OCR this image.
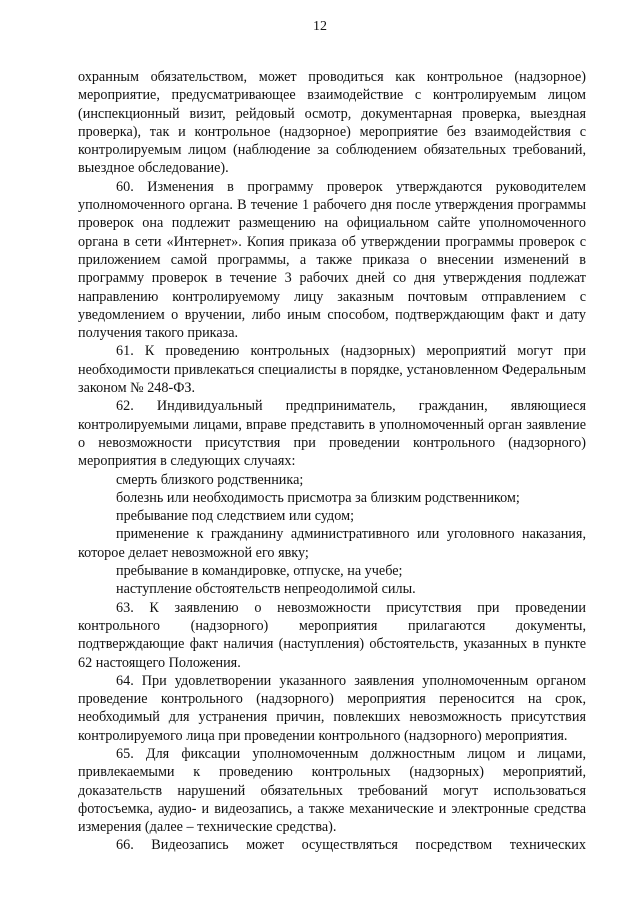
12

охранным обязательством, может проводиться как контрольное (надзорное) мероприятие, предусматривающее взаимодействие с контролируемым лицом (инспекционный визит, рейдовый осмотр, документарная проверка, выездная проверка), так и контрольное (надзорное) мероприятие без взаимодействия с контролируемым лицом (наблюдение за соблюдением обязательных требований, выездное обследование).

60. Изменения в программу проверок утверждаются руководителем уполномоченного органа. В течение 1 рабочего дня после утверждения программы проверок она подлежит размещению на официальном сайте уполномоченного органа в сети «Интернет». Копия приказа об утверждении программы проверок с приложением самой программы, а также приказа о внесении изменений в программу проверок в течение 3 рабочих дней со дня утверждения подлежат направлению контролируемому лицу заказным почтовым отправлением с уведомлением о вручении, либо иным способом, подтверждающим факт и дату получения такого приказа.

61. К проведению контрольных (надзорных) мероприятий могут при необходимости привлекаться специалисты в порядке, установленном Федеральным законом № 248-ФЗ.

62. Индивидуальный предприниматель, гражданин, являющиеся контролируемыми лицами, вправе представить в уполномоченный орган заявление о невозможности присутствия при проведении контрольного (надзорного) мероприятия в следующих случаях:

смерть близкого родственника;

болезнь или необходимость присмотра за близким родственником;

пребывание под следствием или судом;

применение к гражданину административного или уголовного наказания, которое делает невозможной его явку;

пребывание в командировке, отпуске, на учебе;

наступление обстоятельств непреодолимой силы.

63. К заявлению о невозможности присутствия при проведении контрольного (надзорного) мероприятия прилагаются документы, подтверждающие факт наличия (наступления) обстоятельств, указанных в пункте 62 настоящего Положения.

64. При удовлетворении указанного заявления уполномоченным органом проведение контрольного (надзорного) мероприятия переносится на срок, необходимый для устранения причин, повлекших невозможность присутствия контролируемого лица при проведении контрольного (надзорного) мероприятия.

65. Для фиксации уполномоченным должностным лицом и лицами, привлекаемыми к проведению контрольных (надзорных) мероприятий, доказательств нарушений обязательных требований могут использоваться фотосъемка, аудио- и видеозапись, а также механические и электронные средства измерения (далее – технические средства).

66. Видеозапись может осуществляться посредством технических
